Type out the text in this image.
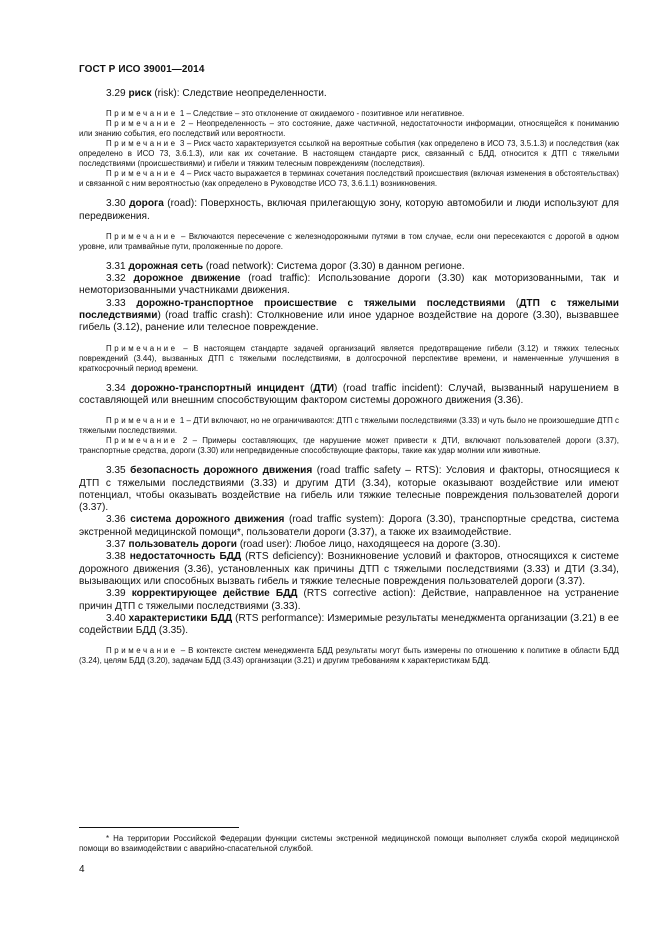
ГОСТ Р ИСО 39001—2014

3.29 риск (risk): Следствие неопределенности.

Примечание 1 – Следствие – это отклонение от ожидаемого - позитивное или негативное.

Примечание 2 – Неопределенность – это состояние, даже частичной, недостаточности информации, относящейся к пониманию или знанию события, его последствий или вероятности.

Примечание 3 – Риск часто характеризуется ссылкой на вероятные события (как определено в ИСО 73, 3.5.1.3) и последствия (как определено в ИСО 73, 3.6.1.3), или как их сочетание. В настоящем стандарте риск, связанный с БДД, относится к ДТП с тяжелыми последствиями (происшествиями) и гибели и тяжким телесным повреждениям (последствия).

Примечание 4 – Риск часто выражается в терминах сочетания последствий происшествия (включая изменения в обстоятельствах) и связанной с ним вероятностью (как определено в Руководстве ИСО 73, 3.6.1.1) возникновения.

3.30 дорога (road): Поверхность, включая прилегающую зону, которую автомобили и люди используют для передвижения.

Примечание – Включаются пересечение с железнодорожными путями в том случае, если они пересекаются с дорогой в одном уровне, или трамвайные пути, проложенные по дороге.

3.31 дорожная сеть (road network): Система дорог (3.30) в данном регионе.

3.32 дорожное движение (road traffic): Использование дороги (3.30) как моторизованными, так и немоторизованными участниками движения.

3.33 дорожно-транспортное происшествие с тяжелыми последствиями (ДТП с тяжелыми последствиями) (road traffic crash): Столкновение или иное ударное воздействие на дороге (3.30), вызвавшее гибель (3.12), ранение или телесное повреждение.

Примечание – В настоящем стандарте задачей организаций является предотвращение гибели (3.12) и тяжких телесных повреждений (3.44), вызванных ДТП с тяжелыми последствиями, в долгосрочной перспективе времени, и наменченные улучшения в краткосрочный период времени.

3.34 дорожно-транспортный инцидент (ДТИ) (road traffic incident): Случай, вызванный нарушением в составляющей или внешним способствующим фактором системы дорожного движения (3.36).

Примечание 1 – ДТИ включают, но не ограничиваются: ДТП с тяжелыми последствиями (3.33) и чуть было не произошедшие ДТП с тяжелыми последствиями.

Примечание 2 – Примеры составляющих, где нарушение может привести к ДТИ, включают пользователей дороги (3.37), транспортные средства, дороги (3.30) или непредвиденные способствующие факторы, такие как удар молнии или животные.

3.35 безопасность дорожного движения (road traffic safety – RTS): Условия и факторы, относящиеся к ДТП с тяжелыми последствиями (3.33) и другим ДТИ (3.34), которые оказывают воздействие или имеют потенциал, чтобы оказывать воздействие на гибель или тяжкие телесные повреждения пользователей дороги (3.37).

3.36 система дорожного движения (road traffic system): Дорога (3.30), транспортные средства, система экстренной медицинской помощи*, пользователи дороги (3.37), а также их взаимодействие.

3.37 пользователь дороги (road user): Любое лицо, находящееся на дороге (3.30).

3.38 недостаточность БДД (RTS deficiency): Возникновение условий и факторов, относящихся к системе дорожного движения (3.36), установленных как причины ДТП с тяжелыми последствиями (3.33) и ДТИ (3.34), вызывающих или способных вызвать гибель и тяжкие телесные повреждения пользователей дороги (3.37).

3.39 корректирующее действие БДД (RTS corrective action): Действие, направленное на устранение причин ДТП с тяжелыми последствиями (3.33).

3.40 характеристики БДД (RTS performance): Измеримые результаты менеджмента организации (3.21) в ее содействии БДД (3.35).

Примечание – В контексте систем менеджмента БДД результаты могут быть измерены по отношению к политике в области БДД (3.24), целям БДД (3.20), задачам БДД (3.43) организации (3.21) и другим требованиям к характеристикам БДД.

* На территории Российской Федерации функции системы экстренной медицинской помощи выполняет служба скорой медицинской помощи во взаимодействии с аварийно-спасательной службой.

4
